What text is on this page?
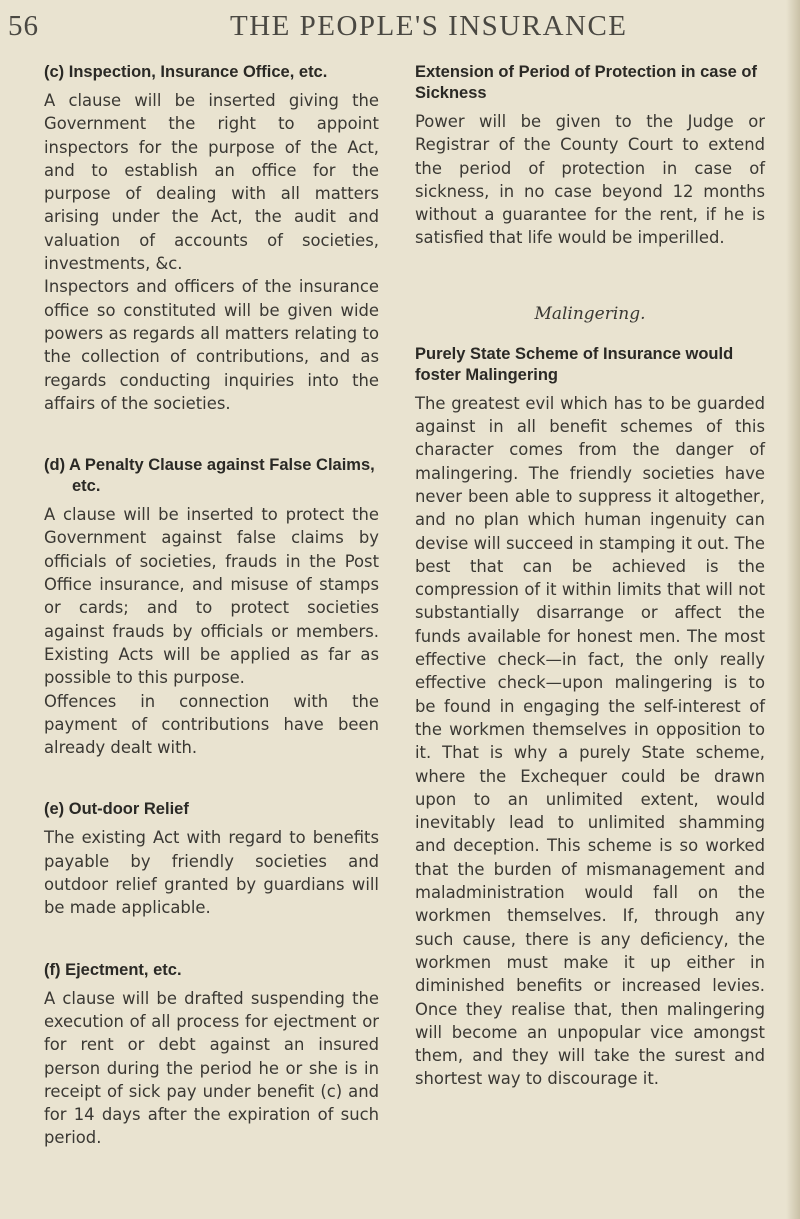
56	THE PEOPLE'S INSURANCE
(c) Inspection, Insurance Office, etc.

A clause will be inserted giving the Government the right to appoint inspectors for the purpose of the Act, and to establish an office for the purpose of dealing with all matters arising under the Act, the audit and valuation of accounts of societies, investments, &c.

Inspectors and officers of the insurance office so constituted will be given wide powers as regards all matters relating to the collection of contributions, and as regards conducting inquiries into the affairs of the societies.

(d) A Penalty Clause against False Claims, etc.

A clause will be inserted to protect the Government against false claims by officials of societies, frauds in the Post Office insurance, and misuse of stamps or cards; and to protect societies against frauds by officials or members. Existing Acts will be applied as far as possible to this purpose.

Offences in connection with the payment of contributions have been already dealt with.

(e) Out-door Relief

The existing Act with regard to benefits payable by friendly societies and outdoor relief granted by guardians will be made applicable.

(f) Ejectment, etc.

A clause will be drafted suspending the execution of all process for ejectment or for rent or debt against an insured person during the period he or she is in receipt of sick pay under benefit (c) and for 14 days after the expiration of such period.

Extension of Period of Protection in case of Sickness

Power will be given to the Judge or Registrar of the County Court to extend the period of protection in case of sickness, in no case beyond 12 months without a guarantee for the rent, if he is satisfied that life would be imperilled.

Malingering.
Purely State Scheme of Insurance would foster Malingering

The greatest evil which has to be guarded against in all benefit schemes of this character comes from the danger of malingering. The friendly societies have never been able to suppress it altogether, and no plan which human ingenuity can devise will succeed in stamping it out. The best that can be achieved is the compression of it within limits that will not substantially disarrange or affect the funds available for honest men. The most effective check—in fact, the only really effective check—upon malingering is to be found in engaging the self-interest of the workmen themselves in opposition to it. That is why a purely State scheme, where the Exchequer could be drawn upon to an unlimited extent, would inevitably lead to unlimited shamming and deception. This scheme is so worked that the burden of mismanagement and maladministration would fall on the workmen themselves. If, through any such cause, there is any deficiency, the workmen must make it up either in diminished benefits or increased levies. Once they realise that, then malingering will become an unpopular vice amongst them, and they will take the surest and shortest way to discourage it.
